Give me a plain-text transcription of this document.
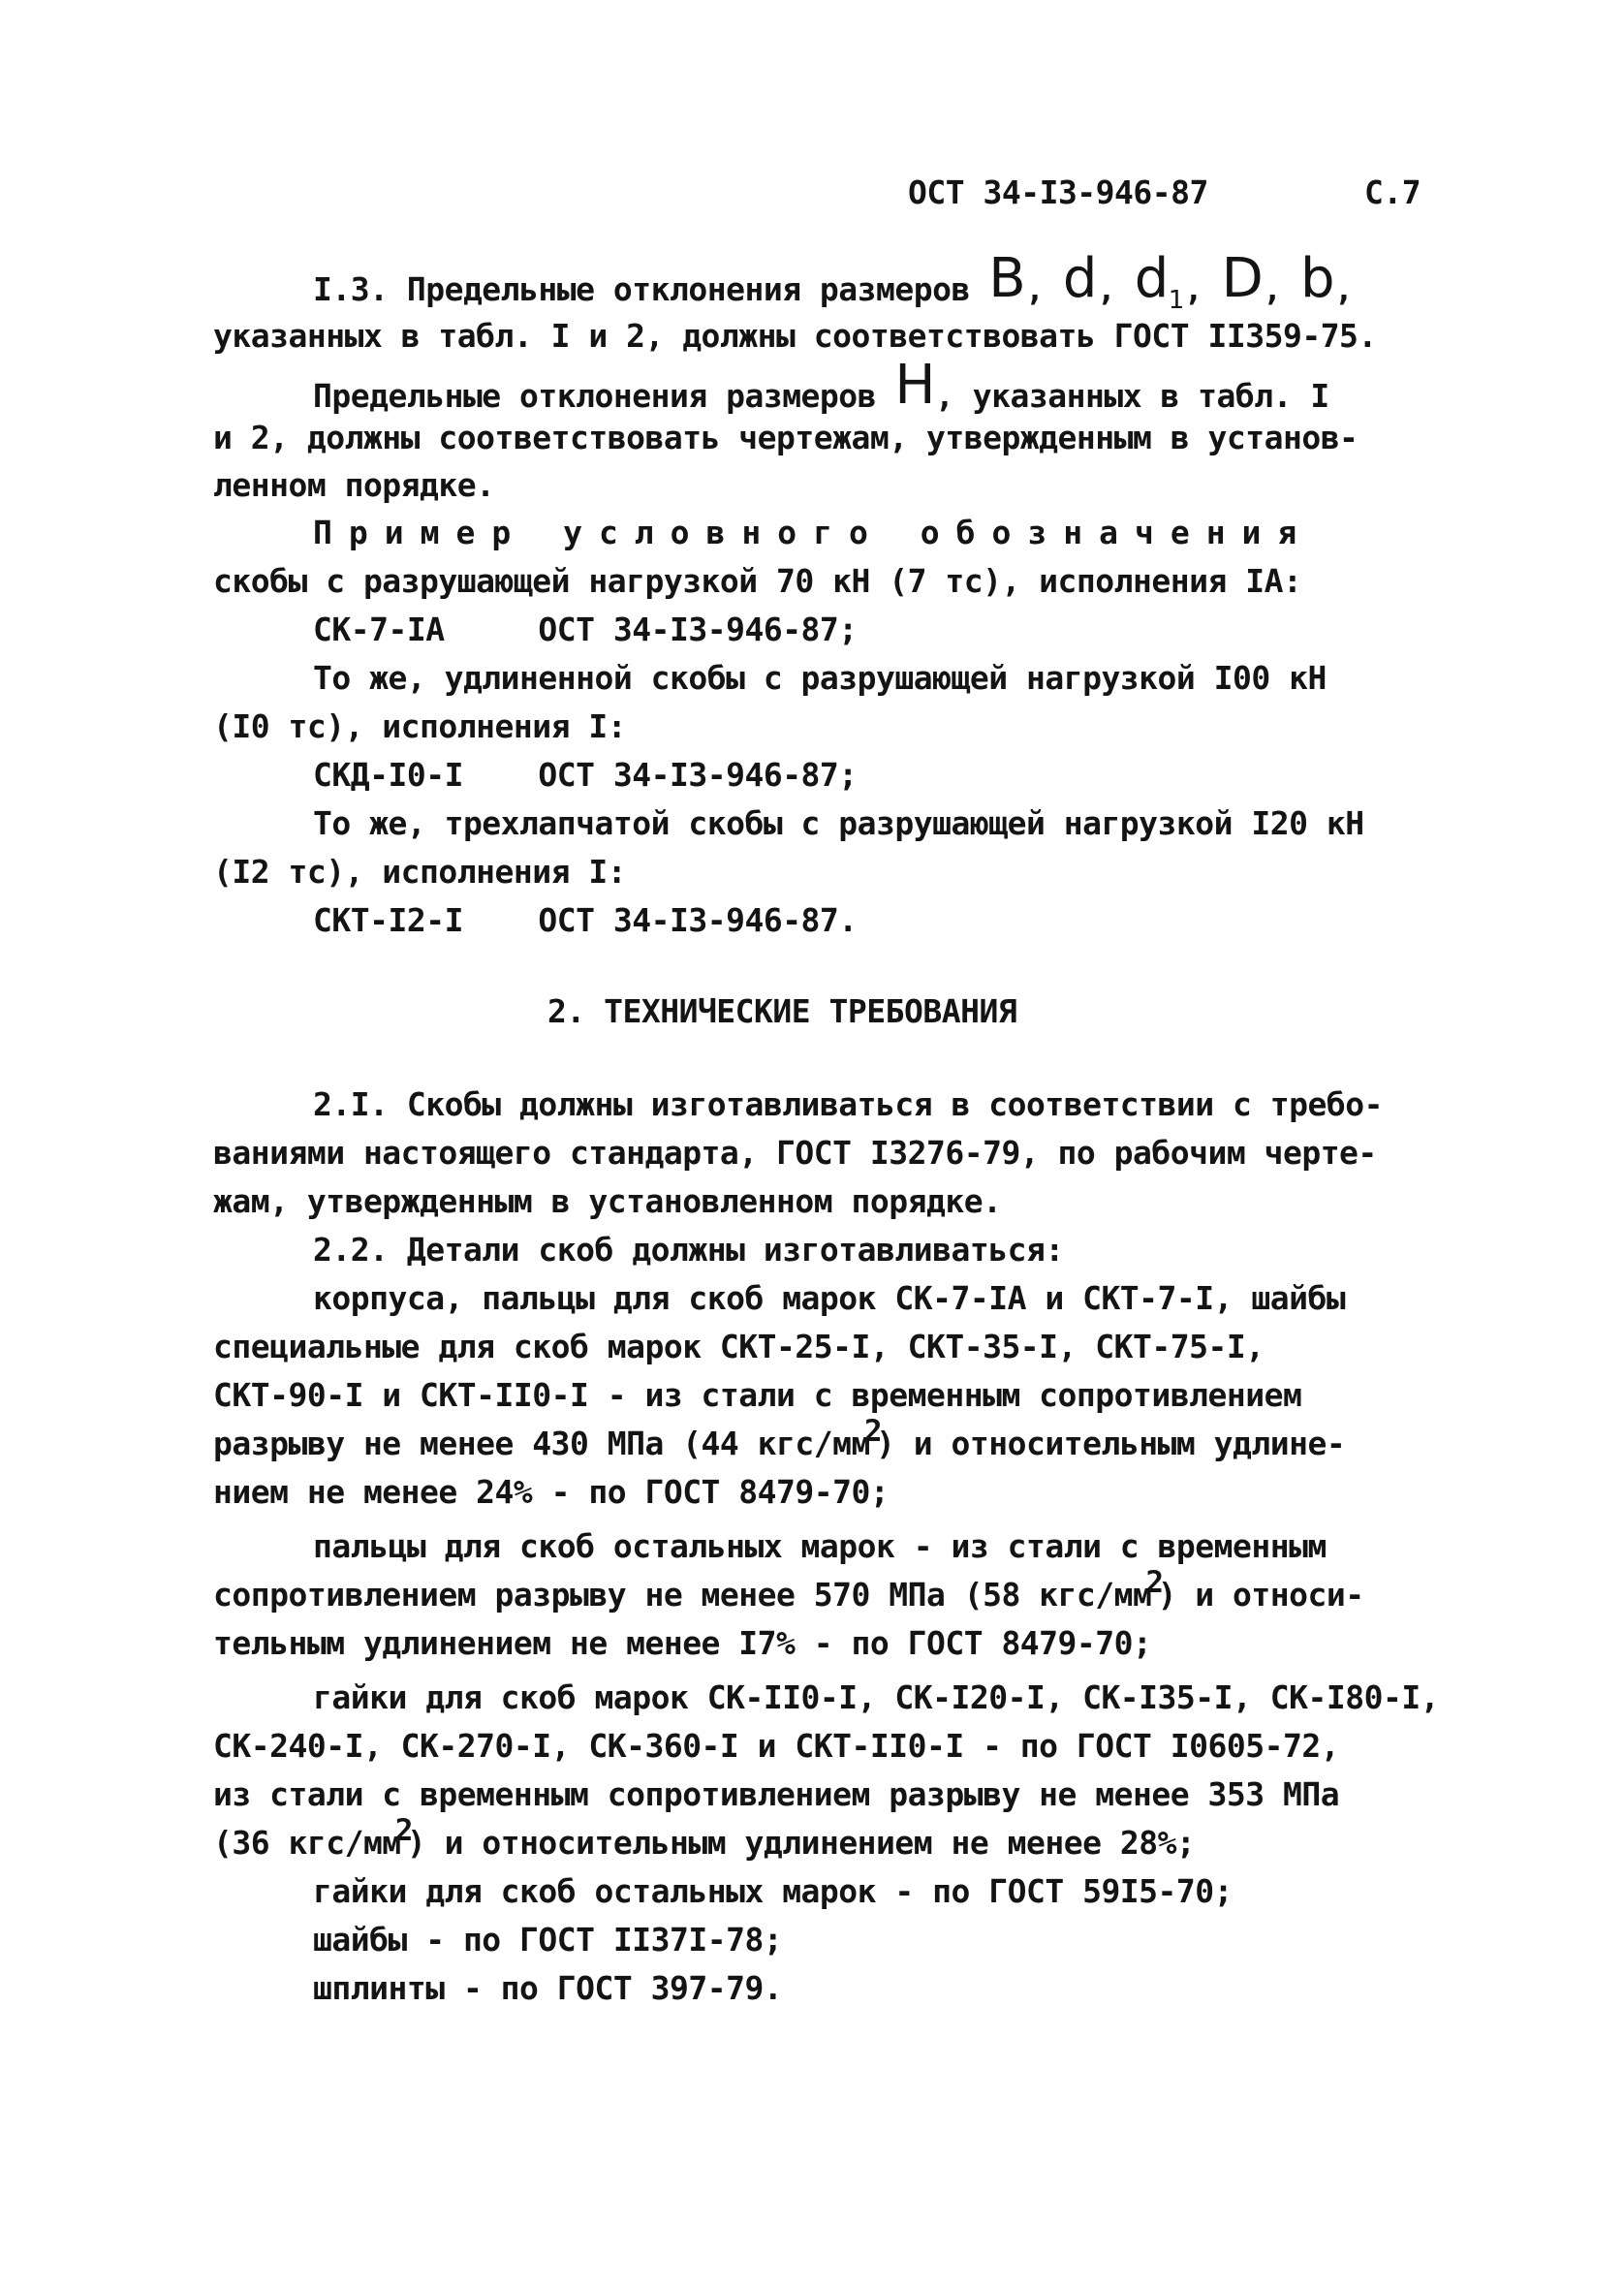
ОСТ 34-I3-946-87	С.7
I.3. Предельные отклонения размеров B, d, $d_1$, D, b,
указанных в табл. I и 2, должны соответствовать ГОСТ II359-75.
Предельные отклонения размеров H, указанных в табл. I
и 2, должны соответствовать чертежам, утвержденным в установ-
ленном порядке.
Пример условного обозначения
скобы с разрушающей нагрузкой 70 кН (7 тс), исполнения IА:
СК-7-IА     ОСТ 34-I3-946-87;
То же, удлиненной скобы с разрушающей нагрузкой I00 кН
(I0 тс), исполнения I:
СКД-I0-I    ОСТ 34-I3-946-87;
То же, трехлапчатой скобы с разрушающей нагрузкой I20 кН
(I2 тс), исполнения I:
СКТ-I2-I    ОСТ 34-I3-946-87.
2. ТЕХНИЧЕСКИЕ ТРЕБОВАНИЯ
2.I. Скобы должны изготавливаться в соответствии с требо-
ваниями настоящего стандарта, ГОСТ I3276-79, по рабочим черте-
жам, утвержденным в установленном порядке.
2.2. Детали скоб должны изготавливаться:
корпуса, пальцы для скоб марок СК-7-IА и СКТ-7-I, шайбы
специальные для скоб марок СКТ-25-I, СКТ-35-I, СКТ-75-I,
СКТ-90-I и СКТ-II0-I - из стали с временным сопротивлением
разрыву не менее 430 МПа (44 кгс/мм2) и относительным удлине-
нием не менее 24% - по ГОСТ 8479-70;
пальцы для скоб остальных марок - из стали с временным
сопротивлением разрыву не менее 570 МПа (58 кгс/мм2) и относи-
тельным удлинением не менее I7% - по ГОСТ 8479-70;
гайки для скоб марок СК-II0-I, СК-I20-I, СК-I35-I, СК-I80-I,
СК-240-I, СК-270-I, СК-360-I и СКТ-II0-I - по ГОСТ I0605-72,
из стали с временным сопротивлением разрыву не менее 353 МПа
(36 кгс/мм2) и относительным удлинением не менее 28%;
гайки для скоб остальных марок - по ГОСТ 59I5-70;
шайбы - по ГОСТ II37I-78;
шплинты - по ГОСТ 397-79.
